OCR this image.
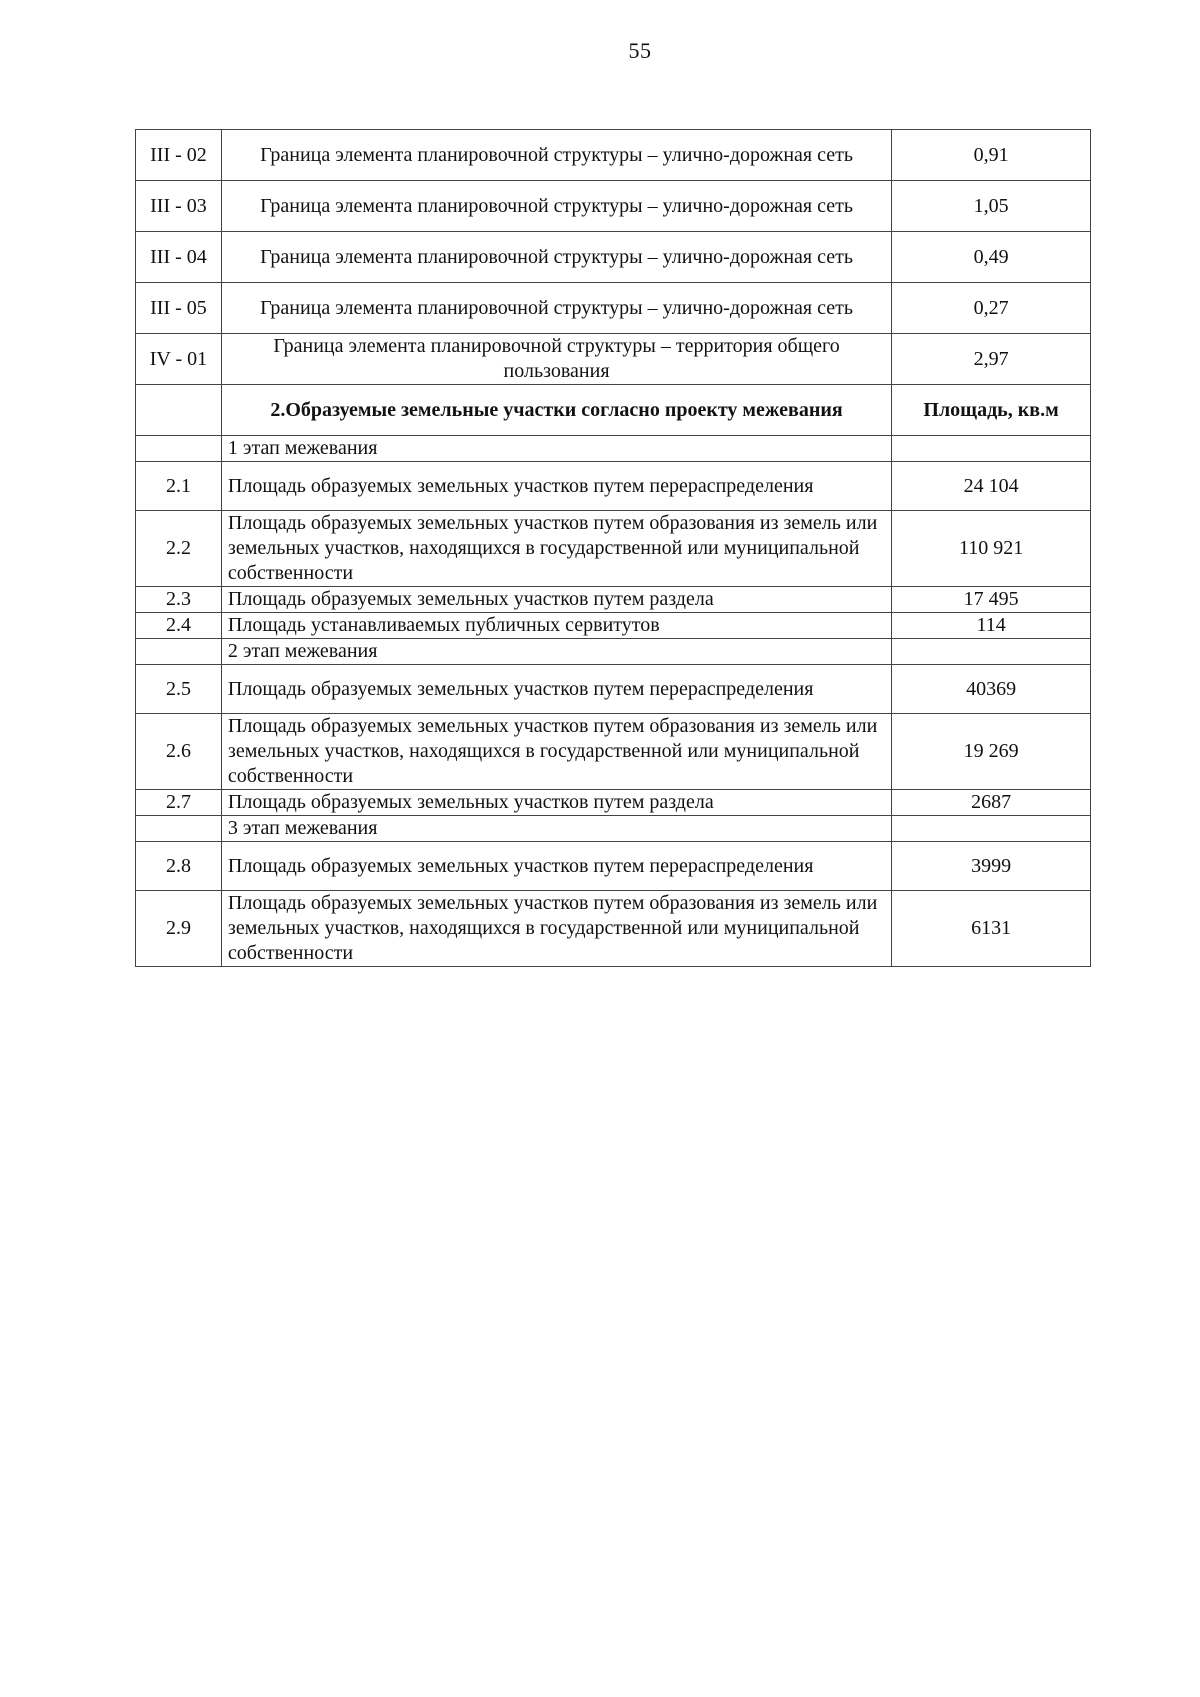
55
III - 02	Граница элемента планировочной структуры – улично-дорожная сеть	0,91
III - 03	Граница элемента планировочной структуры – улично-дорожная сеть	1,05
III - 04	Граница элемента планировочной структуры – улично-дорожная сеть	0,49
III - 05	Граница элемента планировочной структуры – улично-дорожная сеть	0,27
IV - 01	Граница элемента планировочной структуры – территория общего пользования	2,97
	2.Образуемые земельные участки согласно проекту межевания	Площадь, кв.м
	1 этап межевания	
2.1	Площадь образуемых земельных участков путем перераспределения	24 104
2.2	Площадь образуемых земельных участков путем образования из земель или земельных участков, находящихся в государственной или муниципальной собственности	110 921
2.3	Площадь образуемых земельных участков путем раздела	17 495
2.4	Площадь устанавливаемых публичных сервитутов	114
	2 этап межевания	
2.5	Площадь образуемых земельных участков путем перераспределения	40369
2.6	Площадь образуемых земельных участков путем образования из земель или земельных участков, находящихся в государственной или муниципальной собственности	19 269
2.7	Площадь образуемых земельных участков путем раздела	2687
	3 этап межевания	
2.8	Площадь образуемых земельных участков путем перераспределения	3999
2.9	Площадь образуемых земельных участков путем образования из земель или земельных участков, находящихся в государственной или муниципальной собственности	6131
